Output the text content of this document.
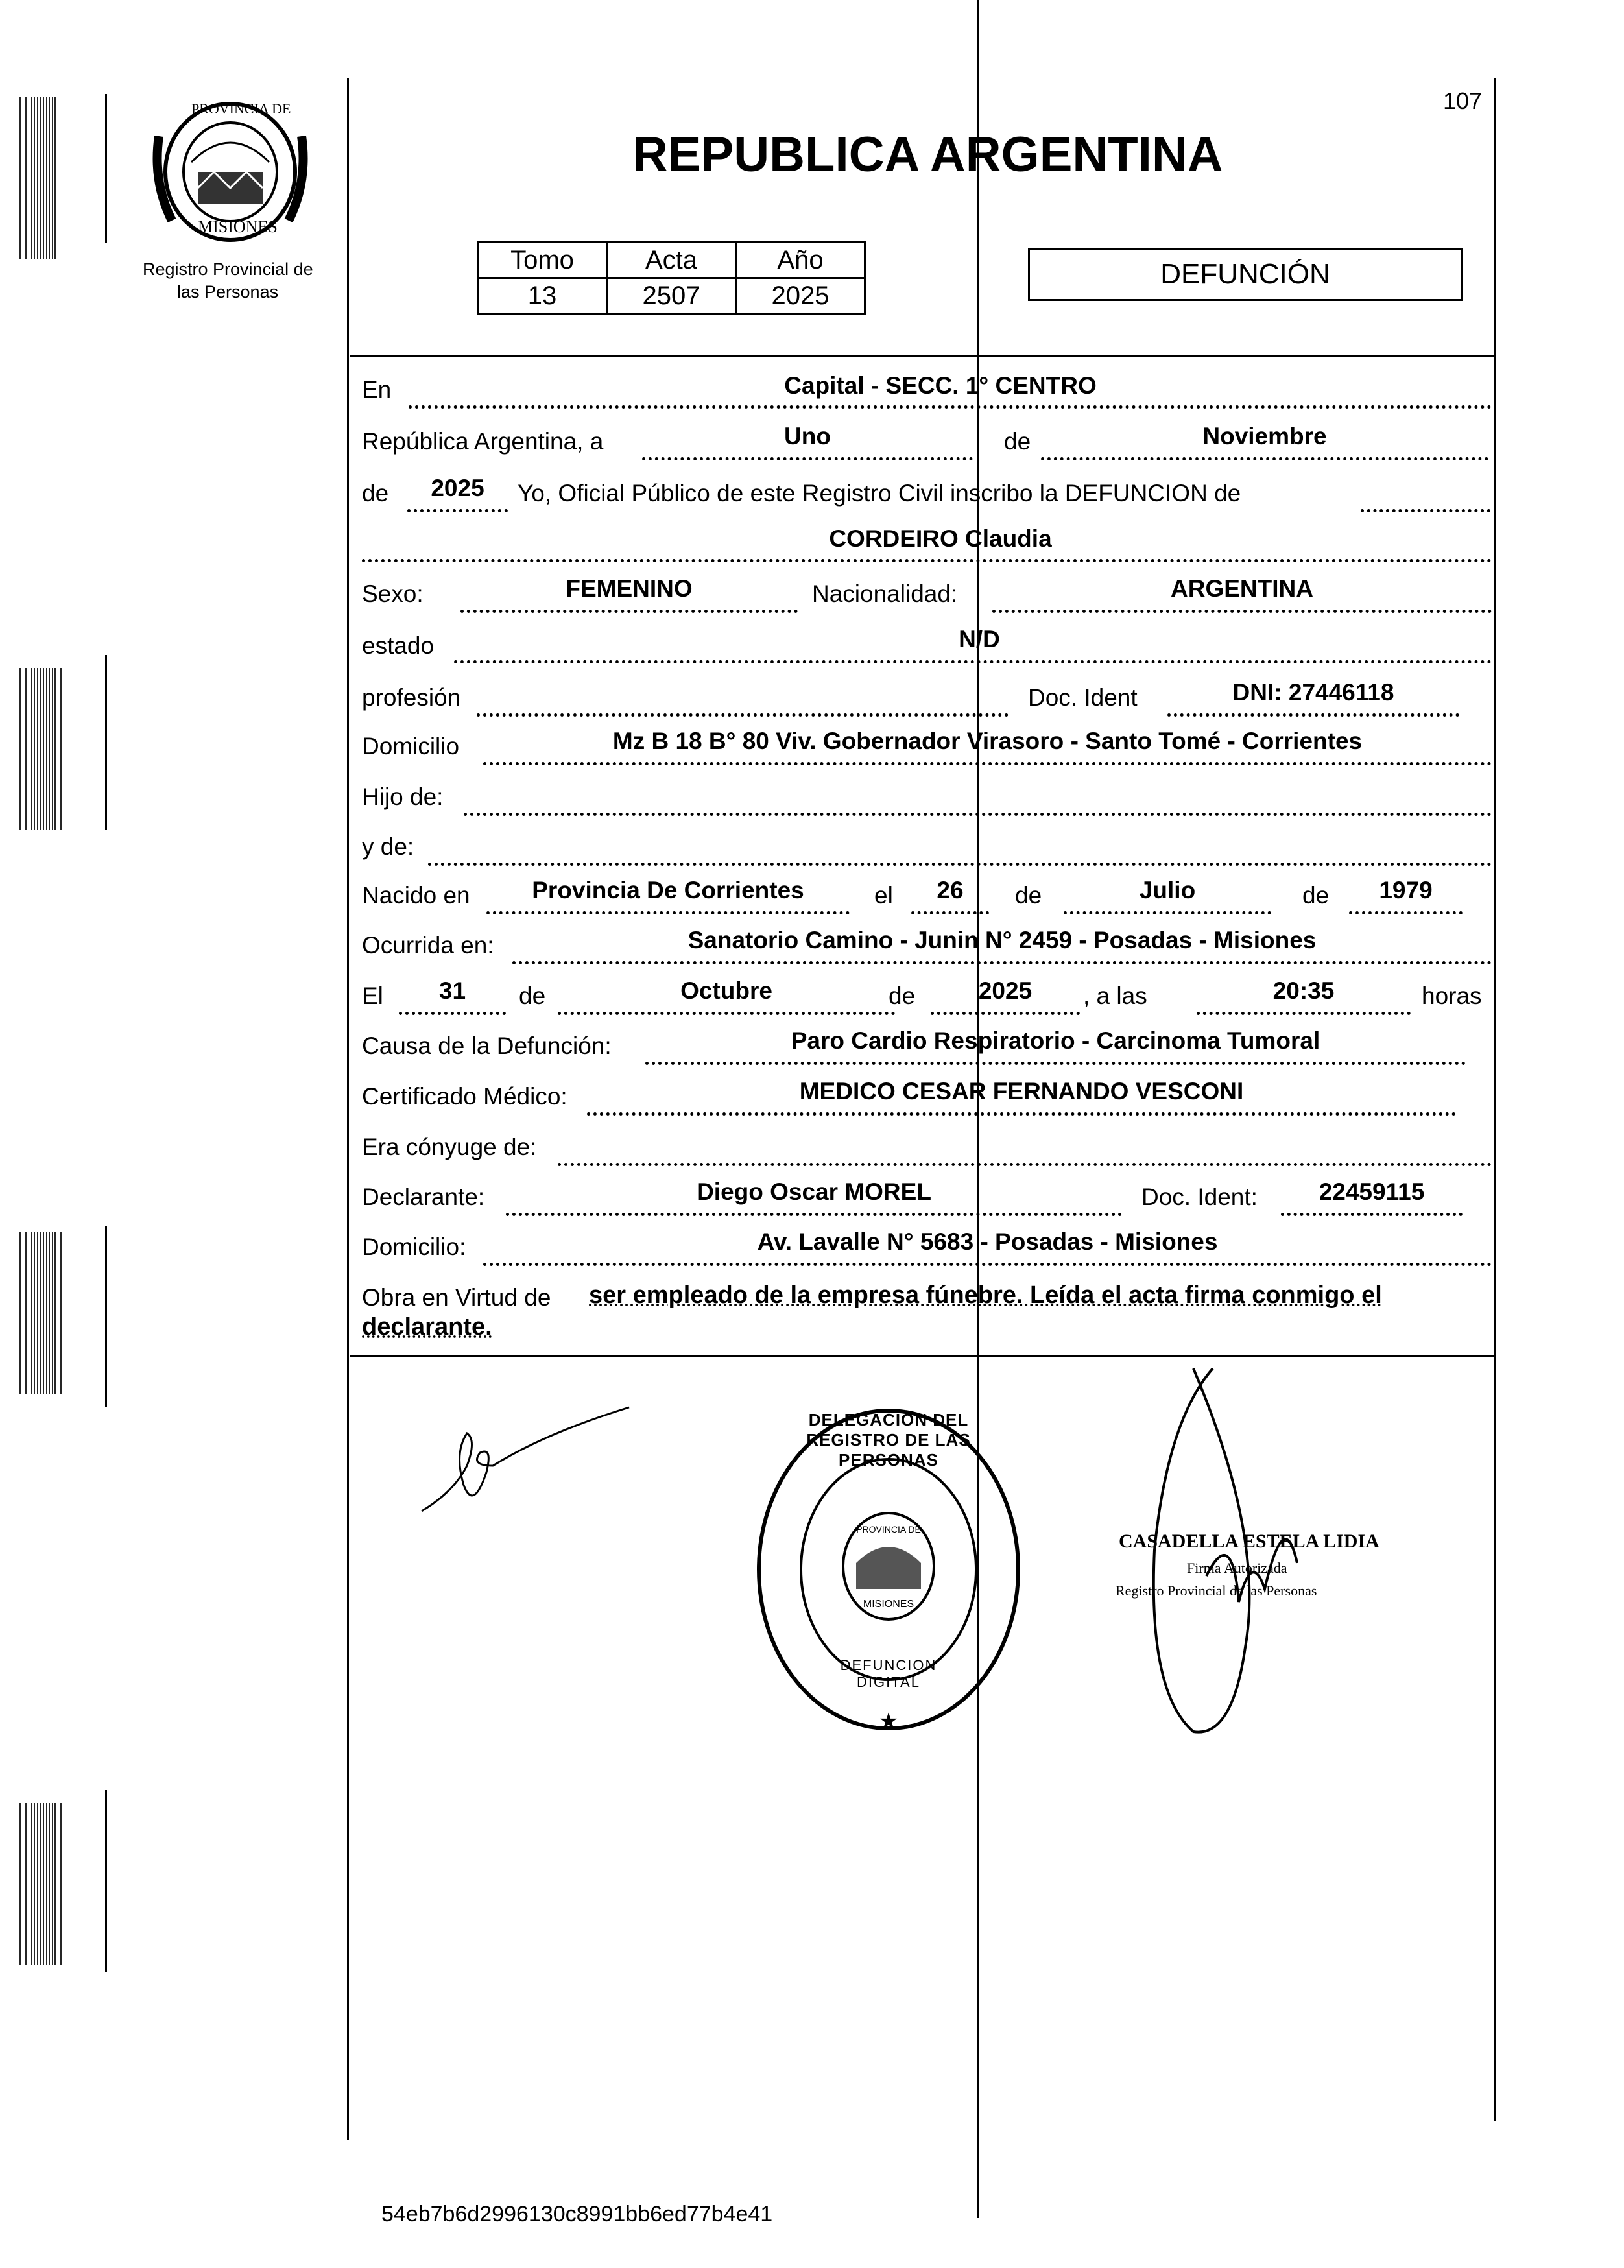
107
PROVINCIA DE
MISIONES
Registro Provincial de
las Personas
REPUBLICA ARGENTINA
Tomo	Acta	Año
13	2507	2025
DEFUNCIÓN
En	Capital - SECC. 1° CENTRO
República Argentina, a	Uno	de	Noviembre
de	2025	Yo, Oficial Público de este Registro Civil inscribo la DEFUNCION de
CORDEIRO Claudia
Sexo:	FEMENINO	Nacionalidad:	ARGENTINA
estado	N/D
profesión	Doc. Ident	DNI: 27446118
Domicilio	Mz B 18 B° 80 Viv. Gobernador Virasoro - Santo Tomé - Corrientes
Hijo de:
y de:
Nacido en	Provincia De Corrientes	el	26	de	Julio	de	1979
Ocurrida en:	Sanatorio Camino - Junin N° 2459 - Posadas - Misiones
El	31	de	Octubre	de	2025	, a las	20:35	horas
Causa de la Defunción:	Paro Cardio Respiratorio - Carcinoma Tumoral
Certificado Médico:	MEDICO CESAR FERNANDO VESCONI
Era cónyuge de:
Declarante:	Diego Oscar MOREL	Doc. Ident:	22459115
Domicilio:	Av. Lavalle N° 5683 - Posadas - Misiones
Obra en Virtud de ser empleado de la empresa fúnebre. Leída el acta firma conmigo el
declarante.
★
DELEGACIÓN DEL REGISTRO DE LAS PERSONAS
DEFUNCION DIGITAL
PROVINCIA DE
MISIONES
CASADELLA ESTELA LIDIA
Firma Autorizada
Registro Provincial de las Personas
54eb7b6d2996130c8991bb6ed77b4e41
